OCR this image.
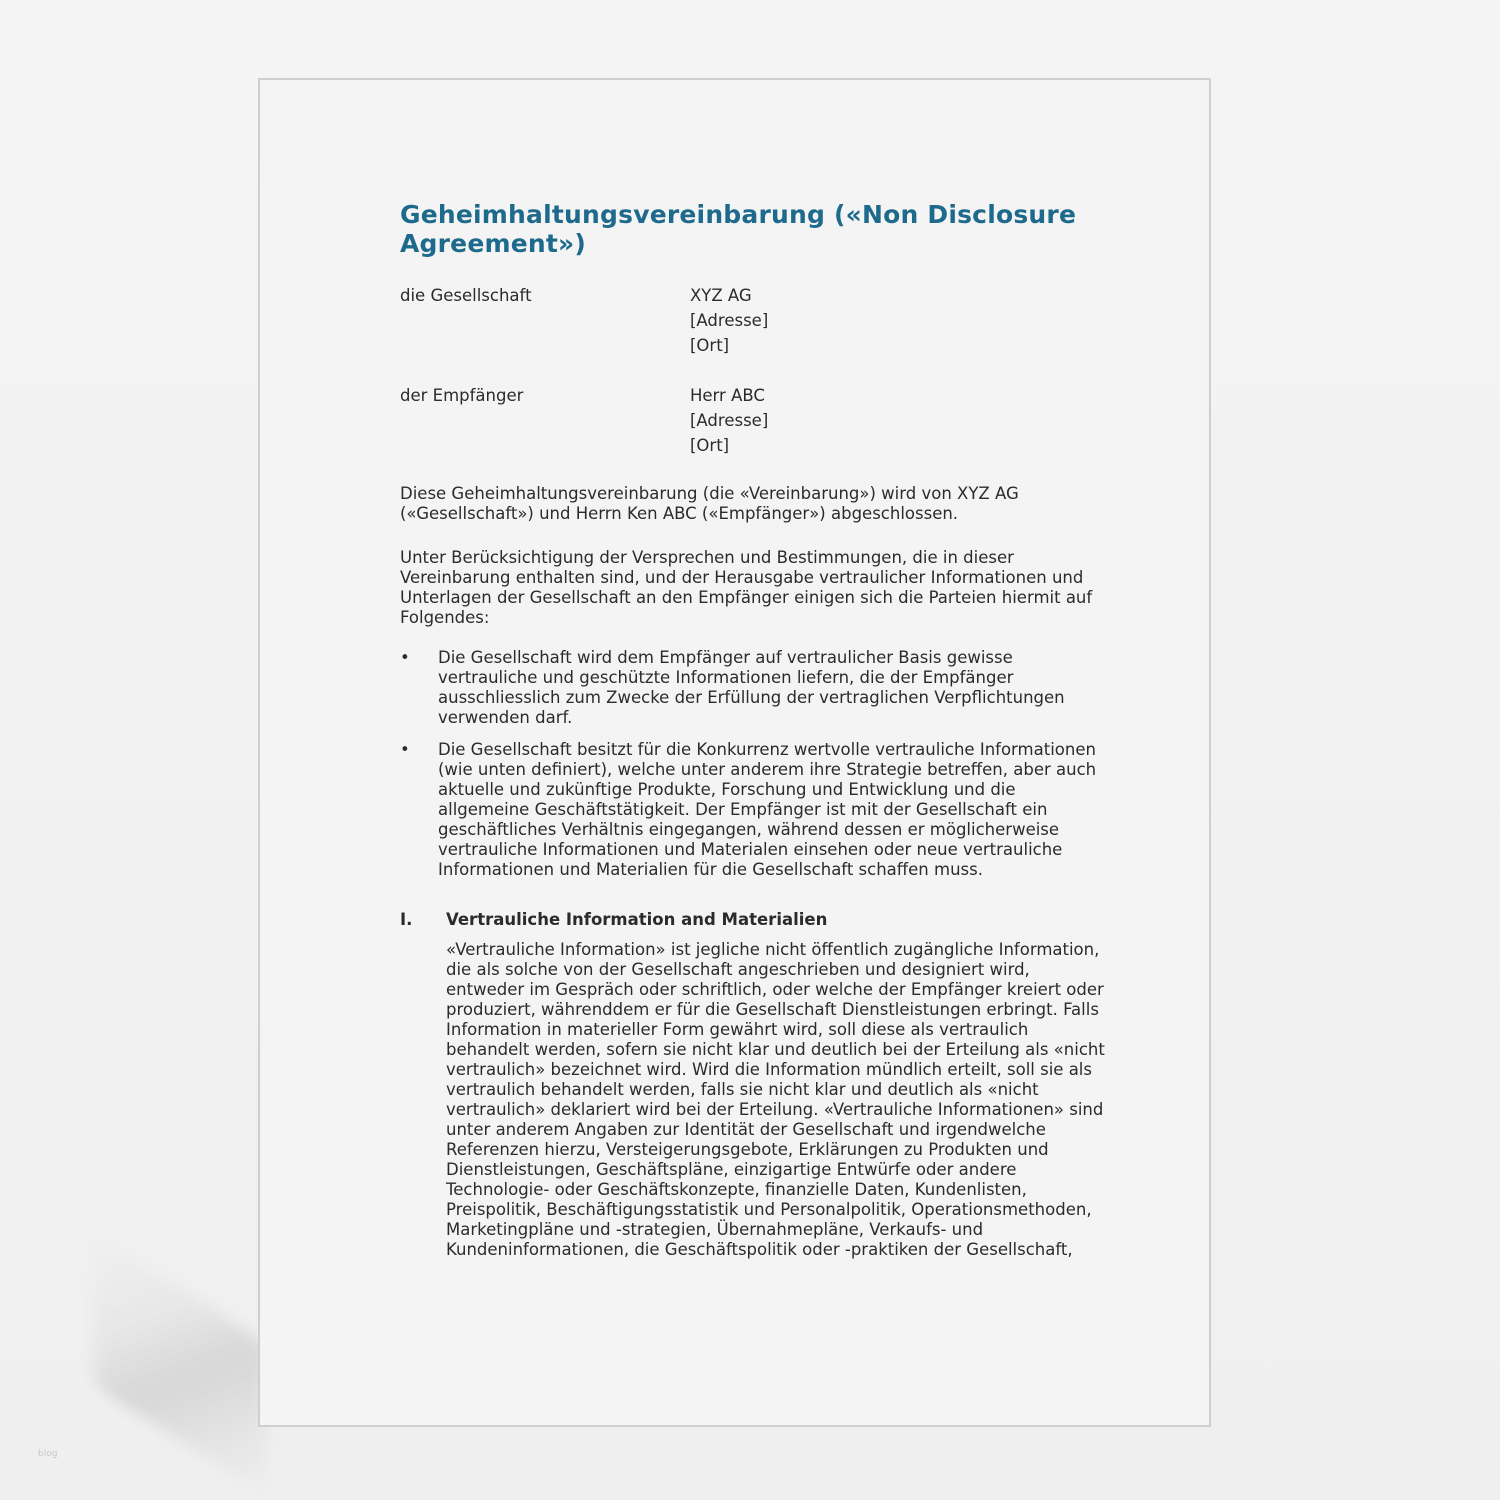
Geheimhaltungsvereinbarung («Non Disclosure Agreement»)
die Gesellschaft	XYZ AG
[Adresse]
[Ort]
der Empfänger	Herr ABC
[Adresse]
[Ort]

Diese Geheimhaltungsvereinbarung (die «Vereinbarung») wird von XYZ AG («Gesellschaft») und Herrn Ken ABC («Empfänger») abgeschlossen.

Unter Berücksichtigung der Versprechen und Bestimmungen, die in dieser Vereinbarung enthalten sind, und der Herausgabe vertraulicher Informationen und Unterlagen der Gesellschaft an den Empfänger einigen sich die Parteien hiermit auf Folgendes:

•	Die Gesellschaft wird dem Empfänger auf vertraulicher Basis gewisse vertrauliche und geschützte Informationen liefern, die der Empfänger ausschliesslich zum Zwecke der Erfüllung der vertraglichen Verpflichtungen verwenden darf.
•	Die Gesellschaft besitzt für die Konkurrenz wertvolle vertrauliche Informationen (wie unten definiert), welche unter anderem ihre Strategie betreffen, aber auch aktuelle und zukünftige Produkte, Forschung und Entwicklung und die allgemeine Geschäftstätigkeit. Der Empfänger ist mit der Gesellschaft ein geschäftliches Verhältnis eingegangen, während dessen er möglicherweise vertrauliche Informationen und Materialen einsehen oder neue vertrauliche Informationen und Materialien für die Gesellschaft schaffen muss.
I.	Vertrauliche Information and Materialien
«Vertrauliche Information» ist jegliche nicht öffentlich zugängliche Information, die als solche von der Gesellschaft angeschrieben und designiert wird, entweder im Gespräch oder schriftlich, oder welche der Empfänger kreiert oder produziert, währenddem er für die Gesellschaft Dienstleistungen erbringt. Falls Information in materieller Form gewährt wird, soll diese als vertraulich behandelt werden, sofern sie nicht klar und deutlich bei der Erteilung als «nicht vertraulich» bezeichnet wird. Wird die Information mündlich erteilt, soll sie als vertraulich behandelt werden, falls sie nicht klar und deutlich als «nicht vertraulich» deklariert wird bei der Erteilung. «Vertrauliche Informationen» sind unter anderem Angaben zur Identität der Gesellschaft und irgendwelche Referenzen hierzu, Versteigerungsgebote, Erklärungen zu Produkten und Dienstleistungen, Geschäftspläne, einzigartige Entwürfe oder andere Technologie- oder Geschäftskonzepte, finanzielle Daten, Kundenlisten, Preispolitik, Beschäftigungsstatistik und Personalpolitik, Operationsmethoden, Marketingpläne und -strategien, Übernahmepläne, Verkaufs- und Kundeninformationen, die Geschäftspolitik oder -praktiken der Gesellschaft,
blog
